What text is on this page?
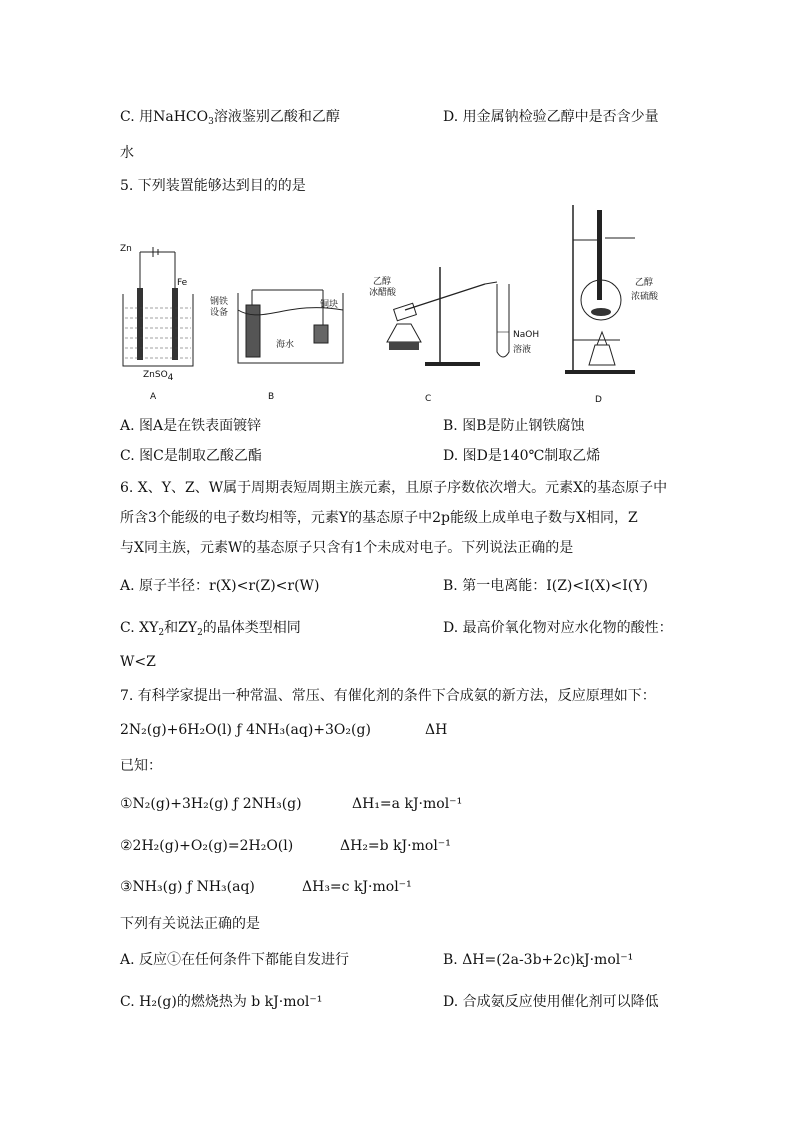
C. 用NaHCO$_3$溶液鉴别乙酸和乙醇	D. 用金属钠检验乙醇中是否含少量
水
5. 下列装置能够达到目的的是
Zn
Fe
ZnSO$_4$
A
钢铁
设备
铜块
海水
B
乙醇
冰醋酸
NaOH
溶液
C
乙醇
浓硫酸
D
A. 图A是在铁表面镀锌	B. 图B是防止钢铁腐蚀
C. 图C是制取乙酸乙酯	D. 图D是140℃制取乙烯
6. X、Y、Z、W属于周期表短周期主族元素，且原子序数依次增大。元素X的基态原子中
所含3个能级的电子数均相等，元素Y的基态原子中2p能级上成单电子数与X相同，Z
与X同主族，元素W的基态原子只含有1个未成对电子。下列说法正确的是
A. 原子半径：r(X)<r(Z)<r(W)	B. 第一电离能：I(Z)<I(X)<I(Y)
C. $XY_2$和$ZY_2$的晶体类型相同	D. 最高价氧化物对应水化物的酸性：
W<Z
7. 有科学家提出一种常温、常压、有催化剂的条件下合成氨的新方法，反应原理如下：
2N₂(g)+6H₂O(l) ƒ 4NH₃(aq)+3O₂(g)	ΔH
已知：
①N₂(g)+3H₂(g) ƒ 2NH₃(g)	ΔH₁=a kJ·mol⁻¹
②2H₂(g)+O₂(g)=2H₂O(l)	ΔH₂=b kJ·mol⁻¹
③NH₃(g) ƒ NH₃(aq)	ΔH₃=c kJ·mol⁻¹
下列有关说法正确的是
A. 反应①在任何条件下都能自发进行	B. ΔH=(2a-3b+2c)kJ·mol⁻¹
C. H₂(g)的燃烧热为 b kJ·mol⁻¹	D. 合成氨反应使用催化剂可以降低
